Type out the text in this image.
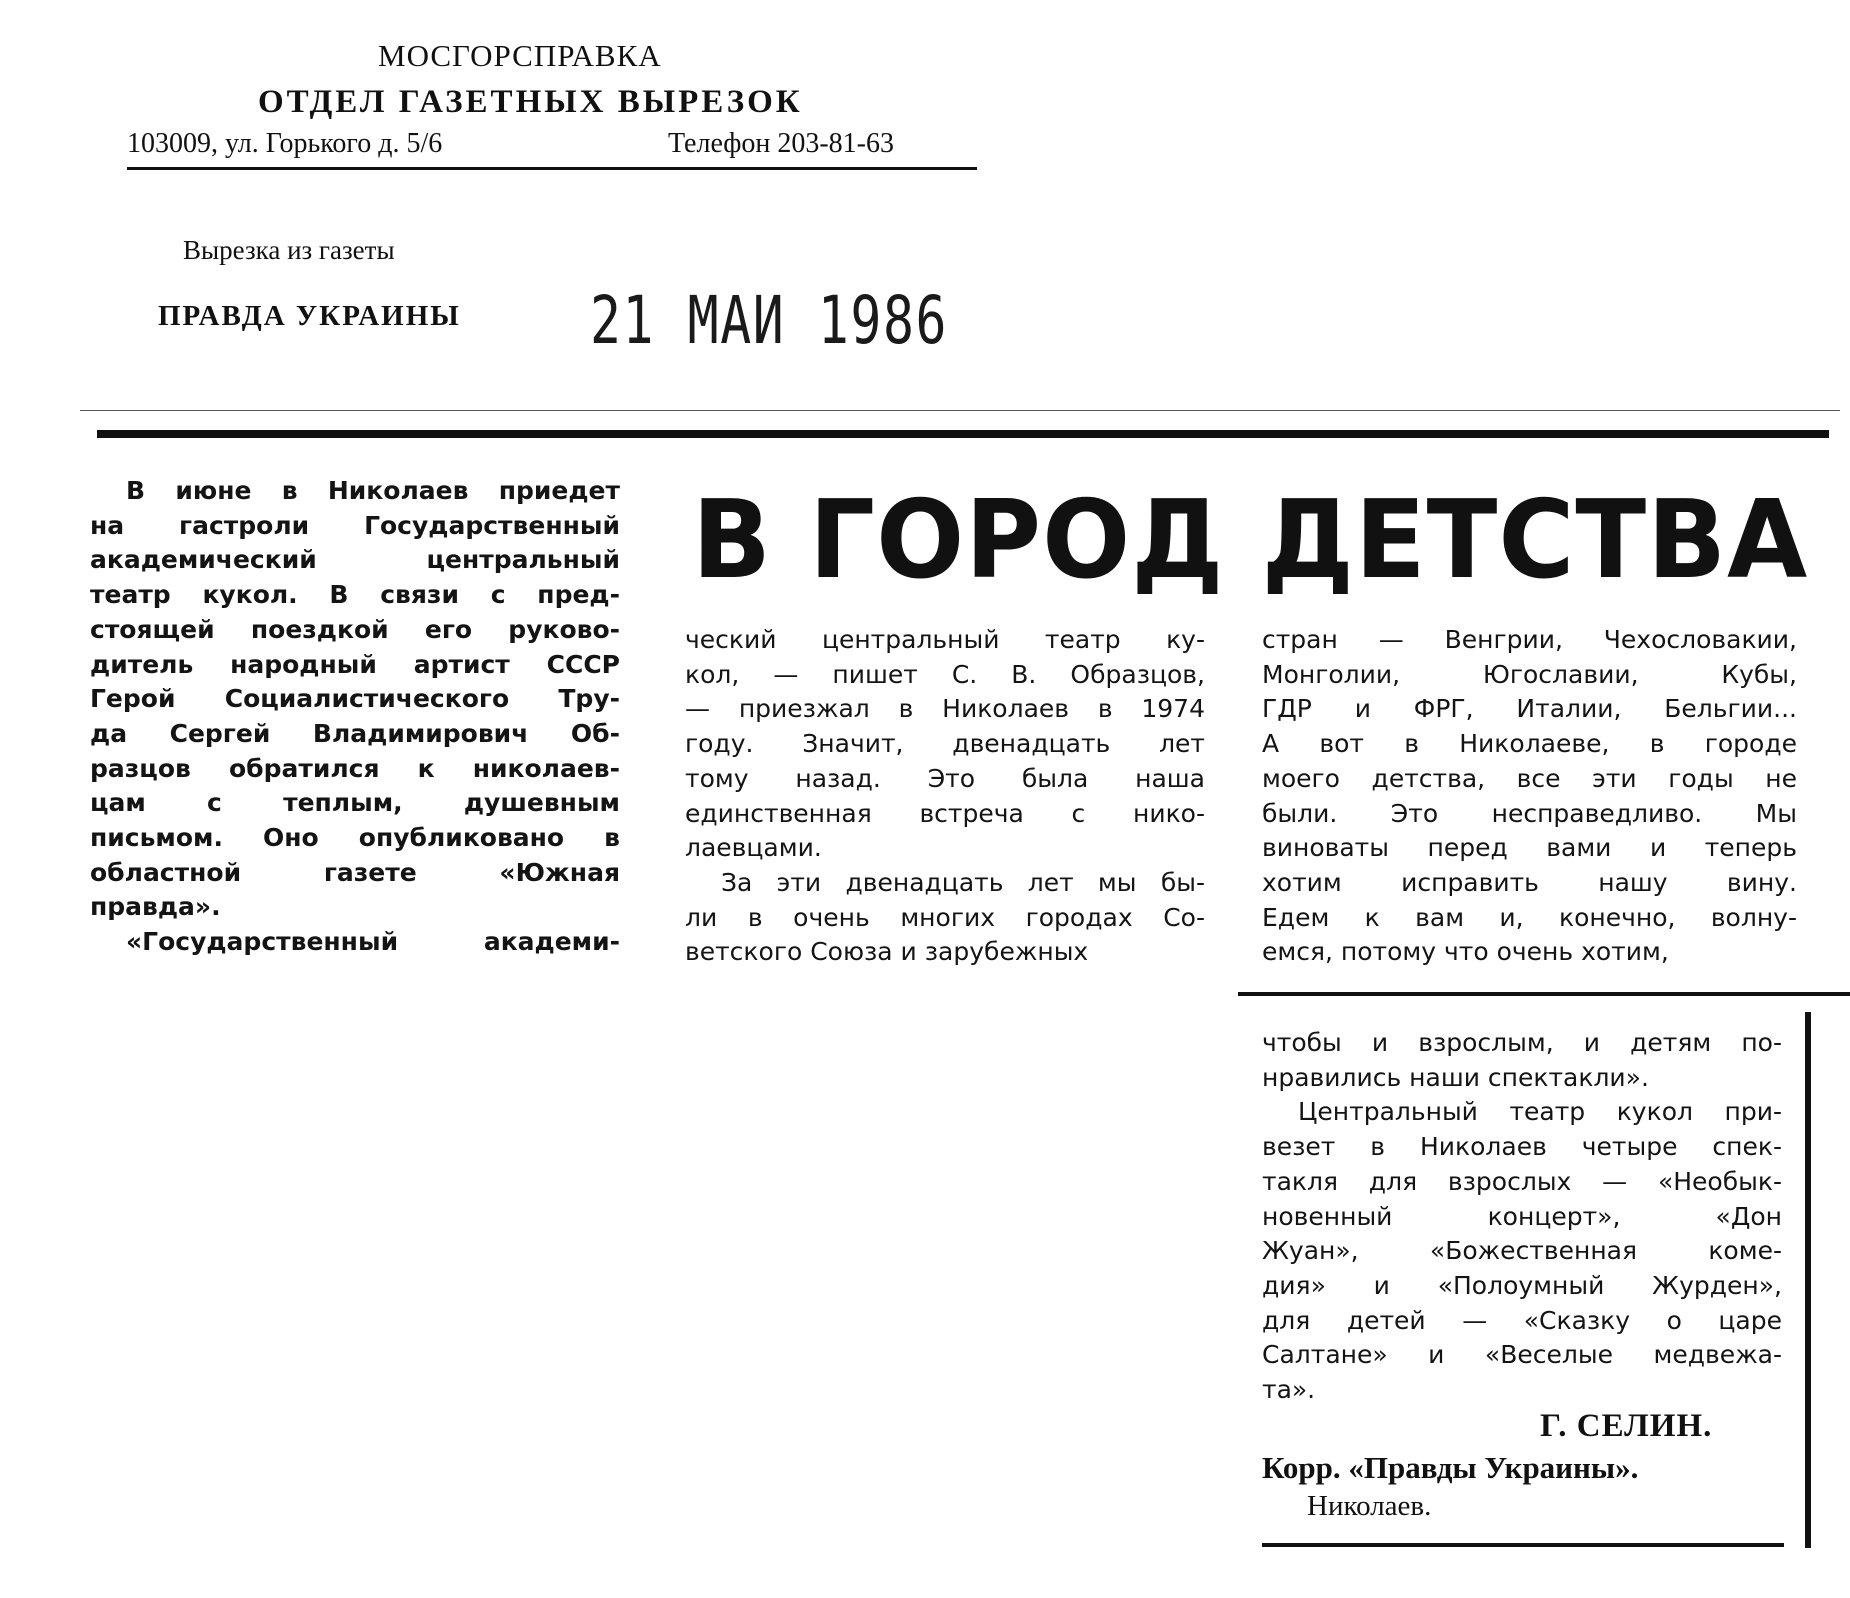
МОСГОРСПРАВКА
ОТДЕЛ ГАЗЕТНЫХ ВЫРЕЗОК
103009, ул. Горького д. 5/6	Телефон 203-81-63
Вырезка из газеты
ПРАВДА УКРАИНЫ 21 МАИ 1986
В ГОРОД ДЕТСТВА
В июне в Николаев приедет
на гастроли Государственный
академический центральный
театр кукол. В связи с пред-
стоящей поездкой его руково-
дитель народный артист СССР
Герой Социалистического Тру-
да Сергей Владимирович Об-
разцов обратился к николаев-
цам с теплым, душевным
письмом. Оно опубликовано в
областной газете «Южная
правда».
«Государственный академи-
ческий центральный театр ку-
кол, — пишет С. В. Образцов,
— приезжал в Николаев в 1974
году. Значит, двенадцать лет
тому назад. Это была наша
единственная встреча с нико-
лаевцами.
За эти двенадцать лет мы бы-
ли в очень многих городах Со-
ветского Союза и зарубежных
стран — Венгрии, Чехословакии,
Монголии, Югославии, Кубы,
ГДР и ФРГ, Италии, Бельгии...
А вот в Николаеве, в городе
моего детства, все эти годы не
были. Это несправедливо. Мы
виноваты перед вами и теперь
хотим исправить нашу вину.
Едем к вам и, конечно, волну-
емся, потому что очень хотим,
чтобы и взрослым, и детям по-
нравились наши спектакли».
Центральный театр кукол при-
везет в Николаев четыре спек-
такля для взрослых — «Необык-
новенный концерт», «Дон
Жуан», «Божественная коме-
дия» и «Полоумный Журден»,
для детей — «Сказку о царе
Салтане» и «Веселые медвежа-
та».
Г. СЕЛИН.
Корр. «Правды Украины».
Николаев.
